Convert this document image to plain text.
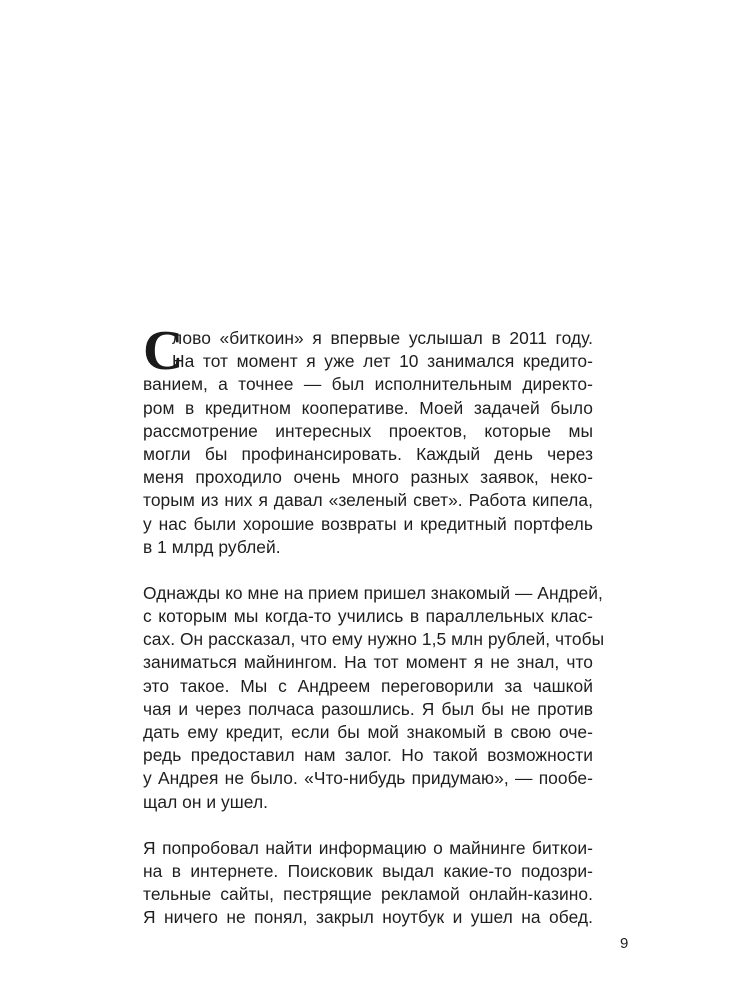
С
лово «биткоин» я впервые услышал в 2011 году.
На тот момент я уже лет 10 занимался кредито-
ванием, а точнее — был исполнительным директо-
ром в кредитном кооперативе. Моей задачей было
рассмотрение интересных проектов, которые мы
могли бы профинансировать. Каждый день через
меня проходило очень много разных заявок, неко-
торым из них я давал «зеленый свет». Работа кипела,
у нас были хорошие возвраты и кредитный портфель
в 1 млрд рублей.
Однажды ко мне на прием пришел знакомый — Андрей,
с которым мы когда-то учились в параллельных клас-
сах. Он рассказал, что ему нужно 1,5 млн рублей, чтобы
заниматься майнингом. На тот момент я не знал, что
это такое. Мы с Андреем переговорили за чашкой
чая и через полчаса разошлись. Я был бы не против
дать ему кредит, если бы мой знакомый в свою оче-
редь предоставил нам залог. Но такой возможности
у Андрея не было. «Что-нибудь придумаю», — пообе-
щал он и ушел.
Я попробовал найти информацию о майнинге биткои-
на в интернете. Поисковик выдал какие-то подозри-
тельные сайты, пестрящие рекламой онлайн-казино.
Я ничего не понял, закрыл ноутбук и ушел на обед.
9
